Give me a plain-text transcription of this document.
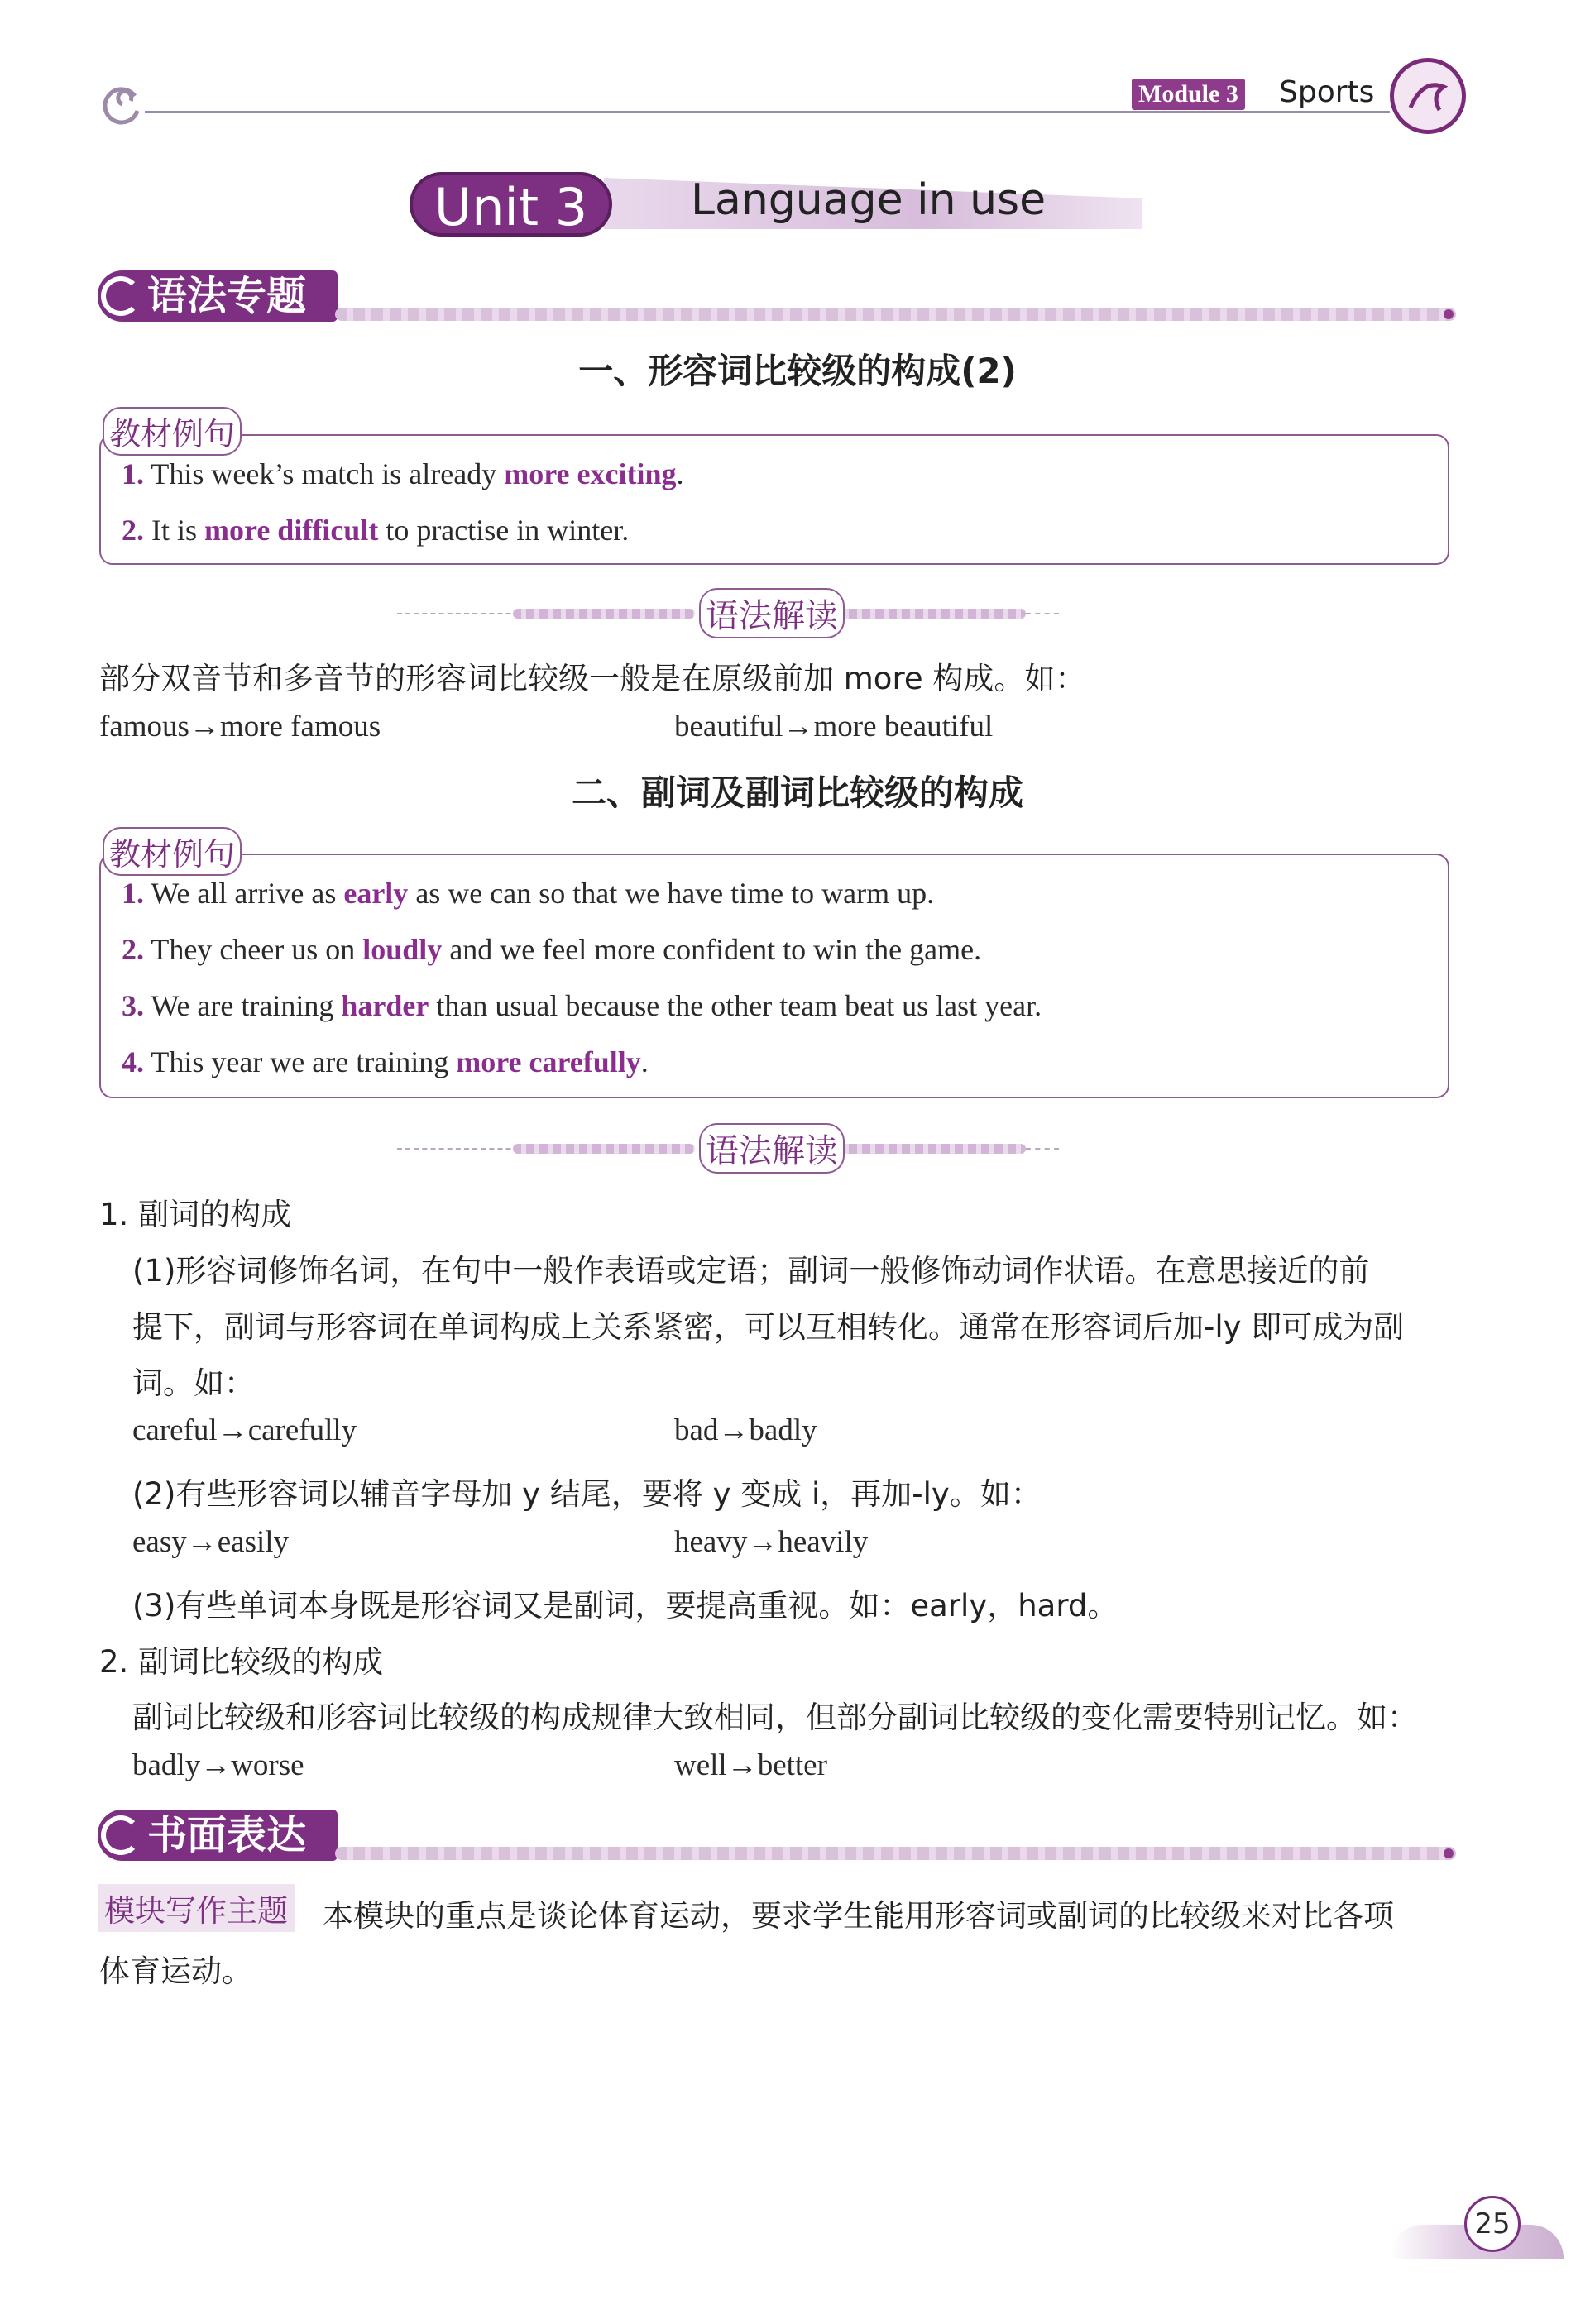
Module 3 Sports
Unit 3	Language in use
语法专题
一、形容词比较级的构成(2)
教材例句
1. This week’s match is already more exciting.
2. It is more difficult to practise in winter.
语法解读
部分双音节和多音节的形容词比较级一般是在原级前加 more 构成。如：
famous→more famous	beautiful→more beautiful
二、副词及副词比较级的构成
教材例句
1. We all arrive as early as we can so that we have time to warm up.
2. They cheer us on loudly and we feel more confident to win the game.
3. We are training harder than usual because the other team beat us last year.
4. This year we are training more carefully.
语法解读
1. 副词的构成
(1)形容词修饰名词，在句中一般作表语或定语；副词一般修饰动词作状语。在意思接近的前
提下，副词与形容词在单词构成上关系紧密，可以互相转化。通常在形容词后加-ly 即可成为副
词。如：
careful→carefully	bad→badly
(2)有些形容词以辅音字母加 y 结尾，要将 y 变成 i，再加-ly。如：
easy→easily	heavy→heavily
(3)有些单词本身既是形容词又是副词，要提高重视。如：early，hard。
2. 副词比较级的构成
副词比较级和形容词比较级的构成规律大致相同，但部分副词比较级的变化需要特别记忆。如：
badly→worse	well→better
书面表达
模块写作主题 本模块的重点是谈论体育运动，要求学生能用形容词或副词的比较级来对比各项
体育运动。
25
